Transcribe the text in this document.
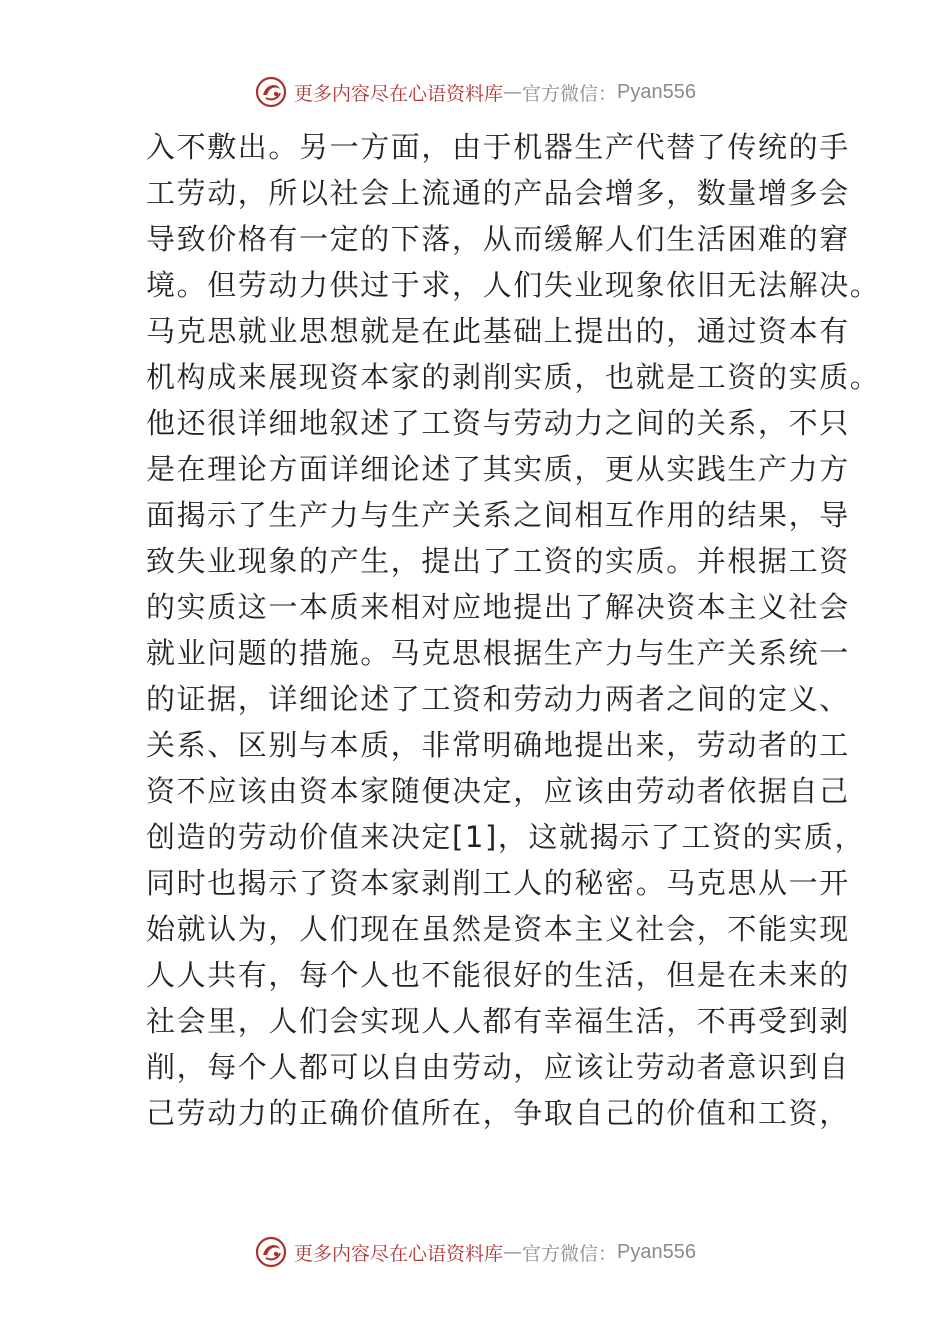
更多内容尽在心语资料库 — 官方微信： Pyan556
入不敷出。另一方面，由于机器生产代替了传统的手
工劳动，所以社会上流通的产品会增多，数量增多会
导致价格有一定的下落，从而缓解人们生活困难的窘
境。但劳动力供过于求，人们失业现象依旧无法解决。
马克思就业思想就是在此基础上提出的，通过资本有
机构成来展现资本家的剥削实质，也就是工资的实质。
他还很详细地叙述了工资与劳动力之间的关系，不只
是在理论方面详细论述了其实质，更从实践生产力方
面揭示了生产力与生产关系之间相互作用的结果，导
致失业现象的产生，提出了工资的实质。并根据工资
的实质这一本质来相对应地提出了解决资本主义社会
就业问题的措施。马克思根据生产力与生产关系统一
的证据，详细论述了工资和劳动力两者之间的定义、
关系、区别与本质，非常明确地提出来，劳动者的工
资不应该由资本家随便决定，应该由劳动者依据自己
创造的劳动价值来决定[1]，这就揭示了工资的实质，
同时也揭示了资本家剥削工人的秘密。马克思从一开
始就认为，人们现在虽然是资本主义社会，不能实现
人人共有，每个人也不能很好的生活，但是在未来的
社会里，人们会实现人人都有幸福生活，不再受到剥
削，每个人都可以自由劳动，应该让劳动者意识到自
己劳动力的正确价值所在，争取自己的价值和工资，
更多内容尽在心语资料库 — 官方微信： Pyan556
